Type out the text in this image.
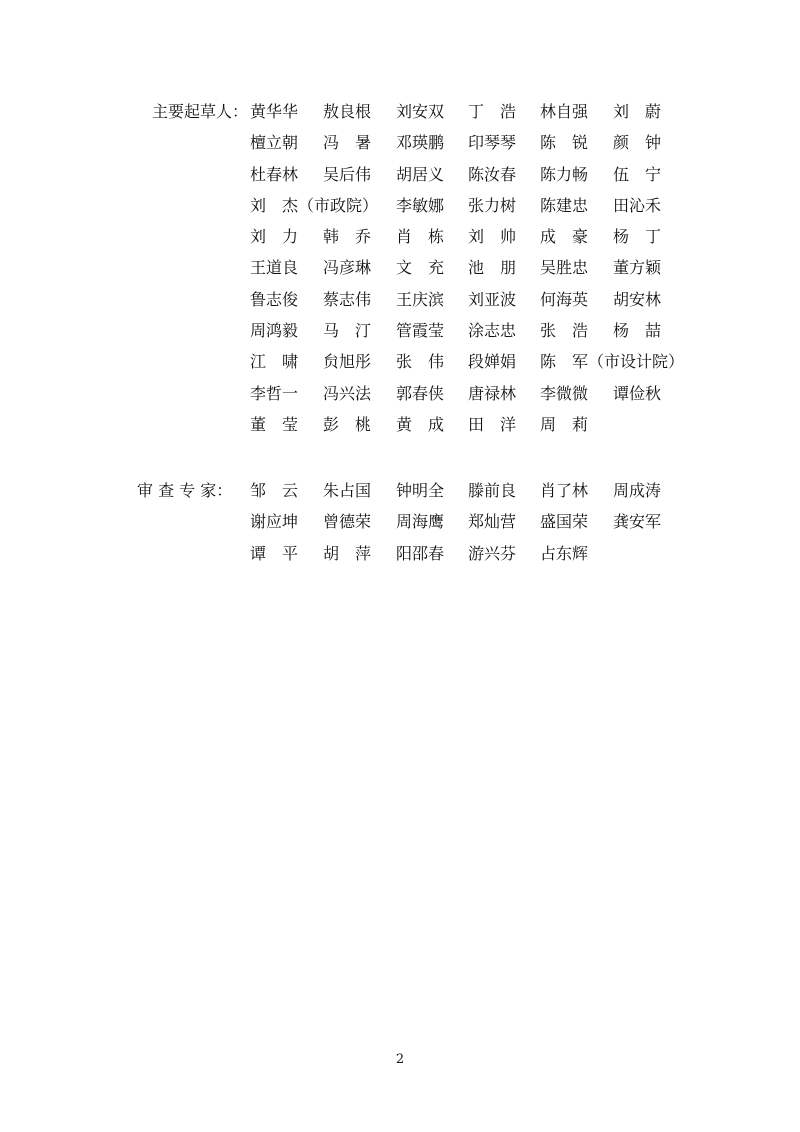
主要起草人： 黄华华 敖良根 刘安双 丁　浩 林自强 刘　蔚
檀立朝 冯　暑 邓瑛鹏 印琴琴 陈　锐 颜　钟
杜春林 吴后伟 胡居义 陈汝春 陈力畅 伍　宁
刘　杰（市政院） 李敏娜 张力树 陈建忠 田沁禾
刘　力 韩　乔 肖　栋 刘　帅 成　豪 杨　丁
王道良 冯彦琳 文　充 池　朋 吴胜忠 董方颖
鲁志俊 蔡志伟 王庆滨 刘亚波 何海英 胡安林
周鸿毅 马　汀 管霞莹 涂志忠 张　浩 杨　喆
江　啸 贠旭彤 张　伟 段婵娟 陈　军（市设计院）
李哲一 冯兴法 郭春侠 唐禄林 李微微 谭俭秋
董　莹 彭　桃 黄　成 田　洋 周　莉
审 查 专 家： 邹　云 朱占国 钟明全 滕前良 肖了林 周成涛
谢应坤 曾德荣 周海鹰 郑灿营 盛国荣 龚安军
谭　平 胡　萍 阳邵春 游兴芬 占东辉
2
